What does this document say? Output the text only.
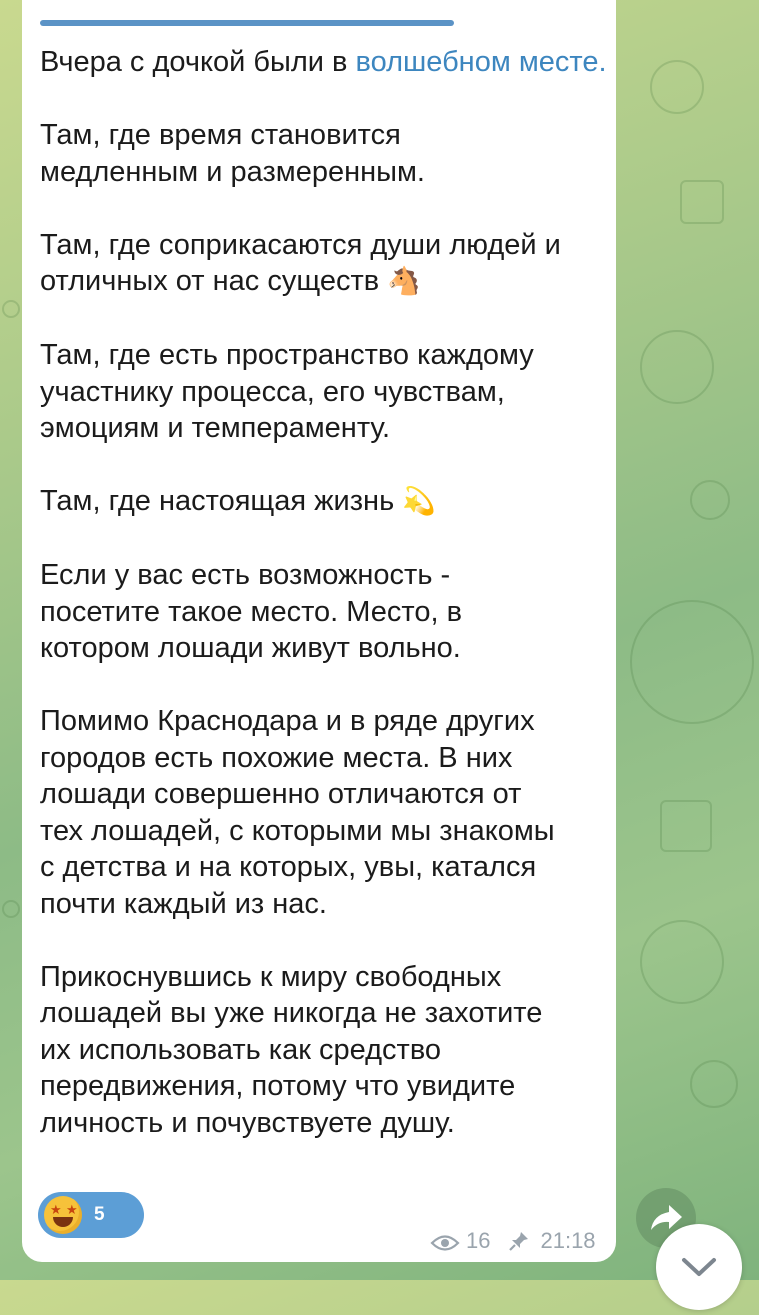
Вчера с дочкой были в волшебном месте.

Там, где время становится
медленным и размеренным.

Там, где соприкасаются души людей и
отличных от нас существ 🐴

Там, где есть пространство каждому
участнику процесса, его чувствам,
эмоциям и темпераменту.

Там, где настоящая жизнь 💫

Если у вас есть возможность -
посетите такое место. Место, в
котором лошади живут вольно.

Помимо Краснодара и в ряде других
городов есть похожие места. В них
лошади совершенно отличаются от
тех лошадей, с которыми мы знакомы
с детства и на которых, увы, катался
почти каждый из нас.

Прикоснувшись к миру свободных
лошадей вы уже никогда не захотите
их использовать как средство
передвижения, потому что увидите
личность и почувствуете душу.

★ ★ 5
16 21:18
